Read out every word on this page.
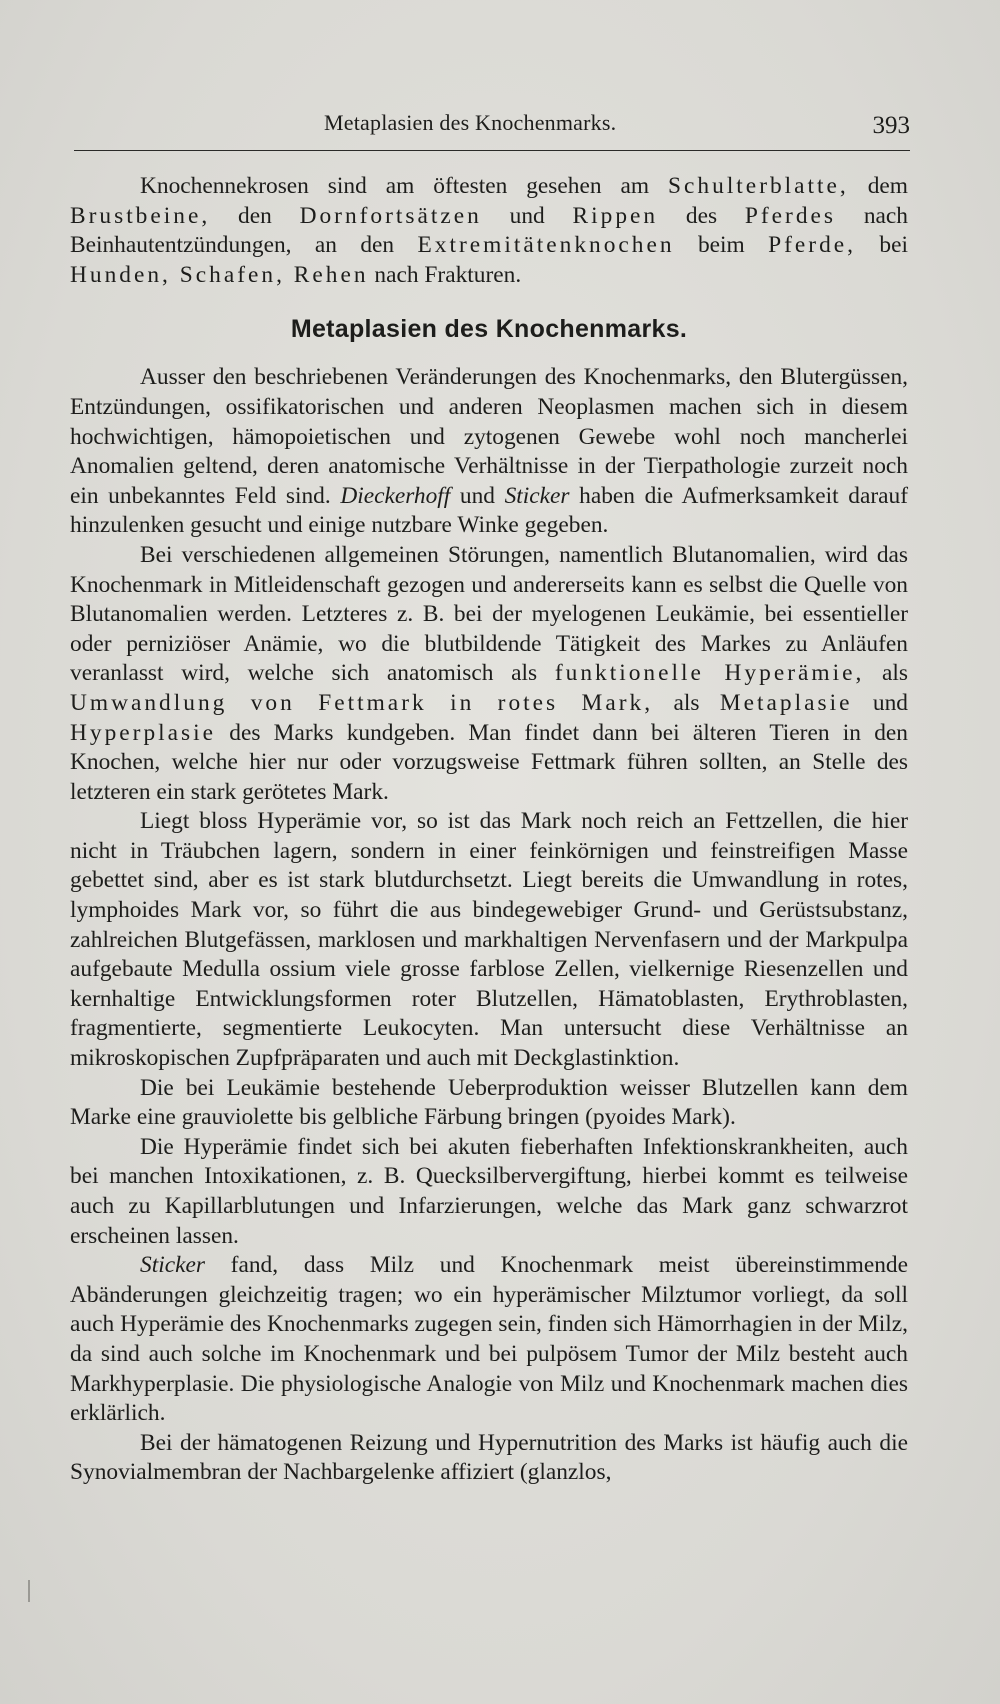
Metaplasien des Knochenmarks.	393

Knochennekrosen sind am öftesten gesehen am Schulterblatte, dem Brustbeine, den Dornfortsätzen und Rippen des Pferdes nach Beinhautentzündungen, an den Extremitätenknochen beim Pferde, bei Hunden, Schafen, Rehen nach Frakturen.

Metaplasien des Knochenmarks.

Ausser den beschriebenen Veränderungen des Knochenmarks, den Blutergüssen, Entzündungen, ossifikatorischen und anderen Neoplasmen machen sich in diesem hochwichtigen, hämopoietischen und zytogenen Gewebe wohl noch mancherlei Anomalien geltend, deren anatomische Verhältnisse in der Tierpathologie zurzeit noch ein unbekanntes Feld sind. Dieckerhoff und Sticker haben die Aufmerksamkeit darauf hinzulenken gesucht und einige nutzbare Winke gegeben.

Bei verschiedenen allgemeinen Störungen, namentlich Blutanomalien, wird das Knochenmark in Mitleidenschaft gezogen und andererseits kann es selbst die Quelle von Blutanomalien werden. Letzteres z. B. bei der myelogenen Leukämie, bei essentieller oder perniziöser Anämie, wo die blutbildende Tätigkeit des Markes zu Anläufen veranlasst wird, welche sich anatomisch als funktionelle Hyperämie, als Umwandlung von Fettmark in rotes Mark, als Metaplasie und Hyperplasie des Marks kundgeben. Man findet dann bei älteren Tieren in den Knochen, welche hier nur oder vorzugsweise Fettmark führen sollten, an Stelle des letzteren ein stark gerötetes Mark.

Liegt bloss Hyperämie vor, so ist das Mark noch reich an Fettzellen, die hier nicht in Träubchen lagern, sondern in einer feinkörnigen und feinstreifigen Masse gebettet sind, aber es ist stark blutdurchsetzt. Liegt bereits die Umwandlung in rotes, lymphoides Mark vor, so führt die aus bindegewebiger Grund- und Gerüstsubstanz, zahlreichen Blutgefässen, marklosen und markhaltigen Nervenfasern und der Markpulpa aufgebaute Medulla ossium viele grosse farblose Zellen, vielkernige Riesenzellen und kernhaltige Entwicklungsformen roter Blutzellen, Hämatoblasten, Erythroblasten, fragmentierte, segmentierte Leukocyten. Man untersucht diese Verhältnisse an mikroskopischen Zupfpräparaten und auch mit Deckglastinktion.

Die bei Leukämie bestehende Ueberproduktion weisser Blutzellen kann dem Marke eine grauviolette bis gelbliche Färbung bringen (pyoides Mark).

Die Hyperämie findet sich bei akuten fieberhaften Infektionskrankheiten, auch bei manchen Intoxikationen, z. B. Quecksilbervergiftung, hierbei kommt es teilweise auch zu Kapillarblutungen und Infarzierungen, welche das Mark ganz schwarzrot erscheinen lassen.

Sticker fand, dass Milz und Knochenmark meist übereinstimmende Abänderungen gleichzeitig tragen; wo ein hyperämischer Milztumor vorliegt, da soll auch Hyperämie des Knochenmarks zugegen sein, finden sich Hämorrhagien in der Milz, da sind auch solche im Knochenmark und bei pulpösem Tumor der Milz besteht auch Markhyperplasie. Die physiologische Analogie von Milz und Knochenmark machen dies erklärlich.

Bei der hämatogenen Reizung und Hypernutrition des Marks ist häufig auch die Synovialmembran der Nachbargelenke affiziert (glanzlos,
